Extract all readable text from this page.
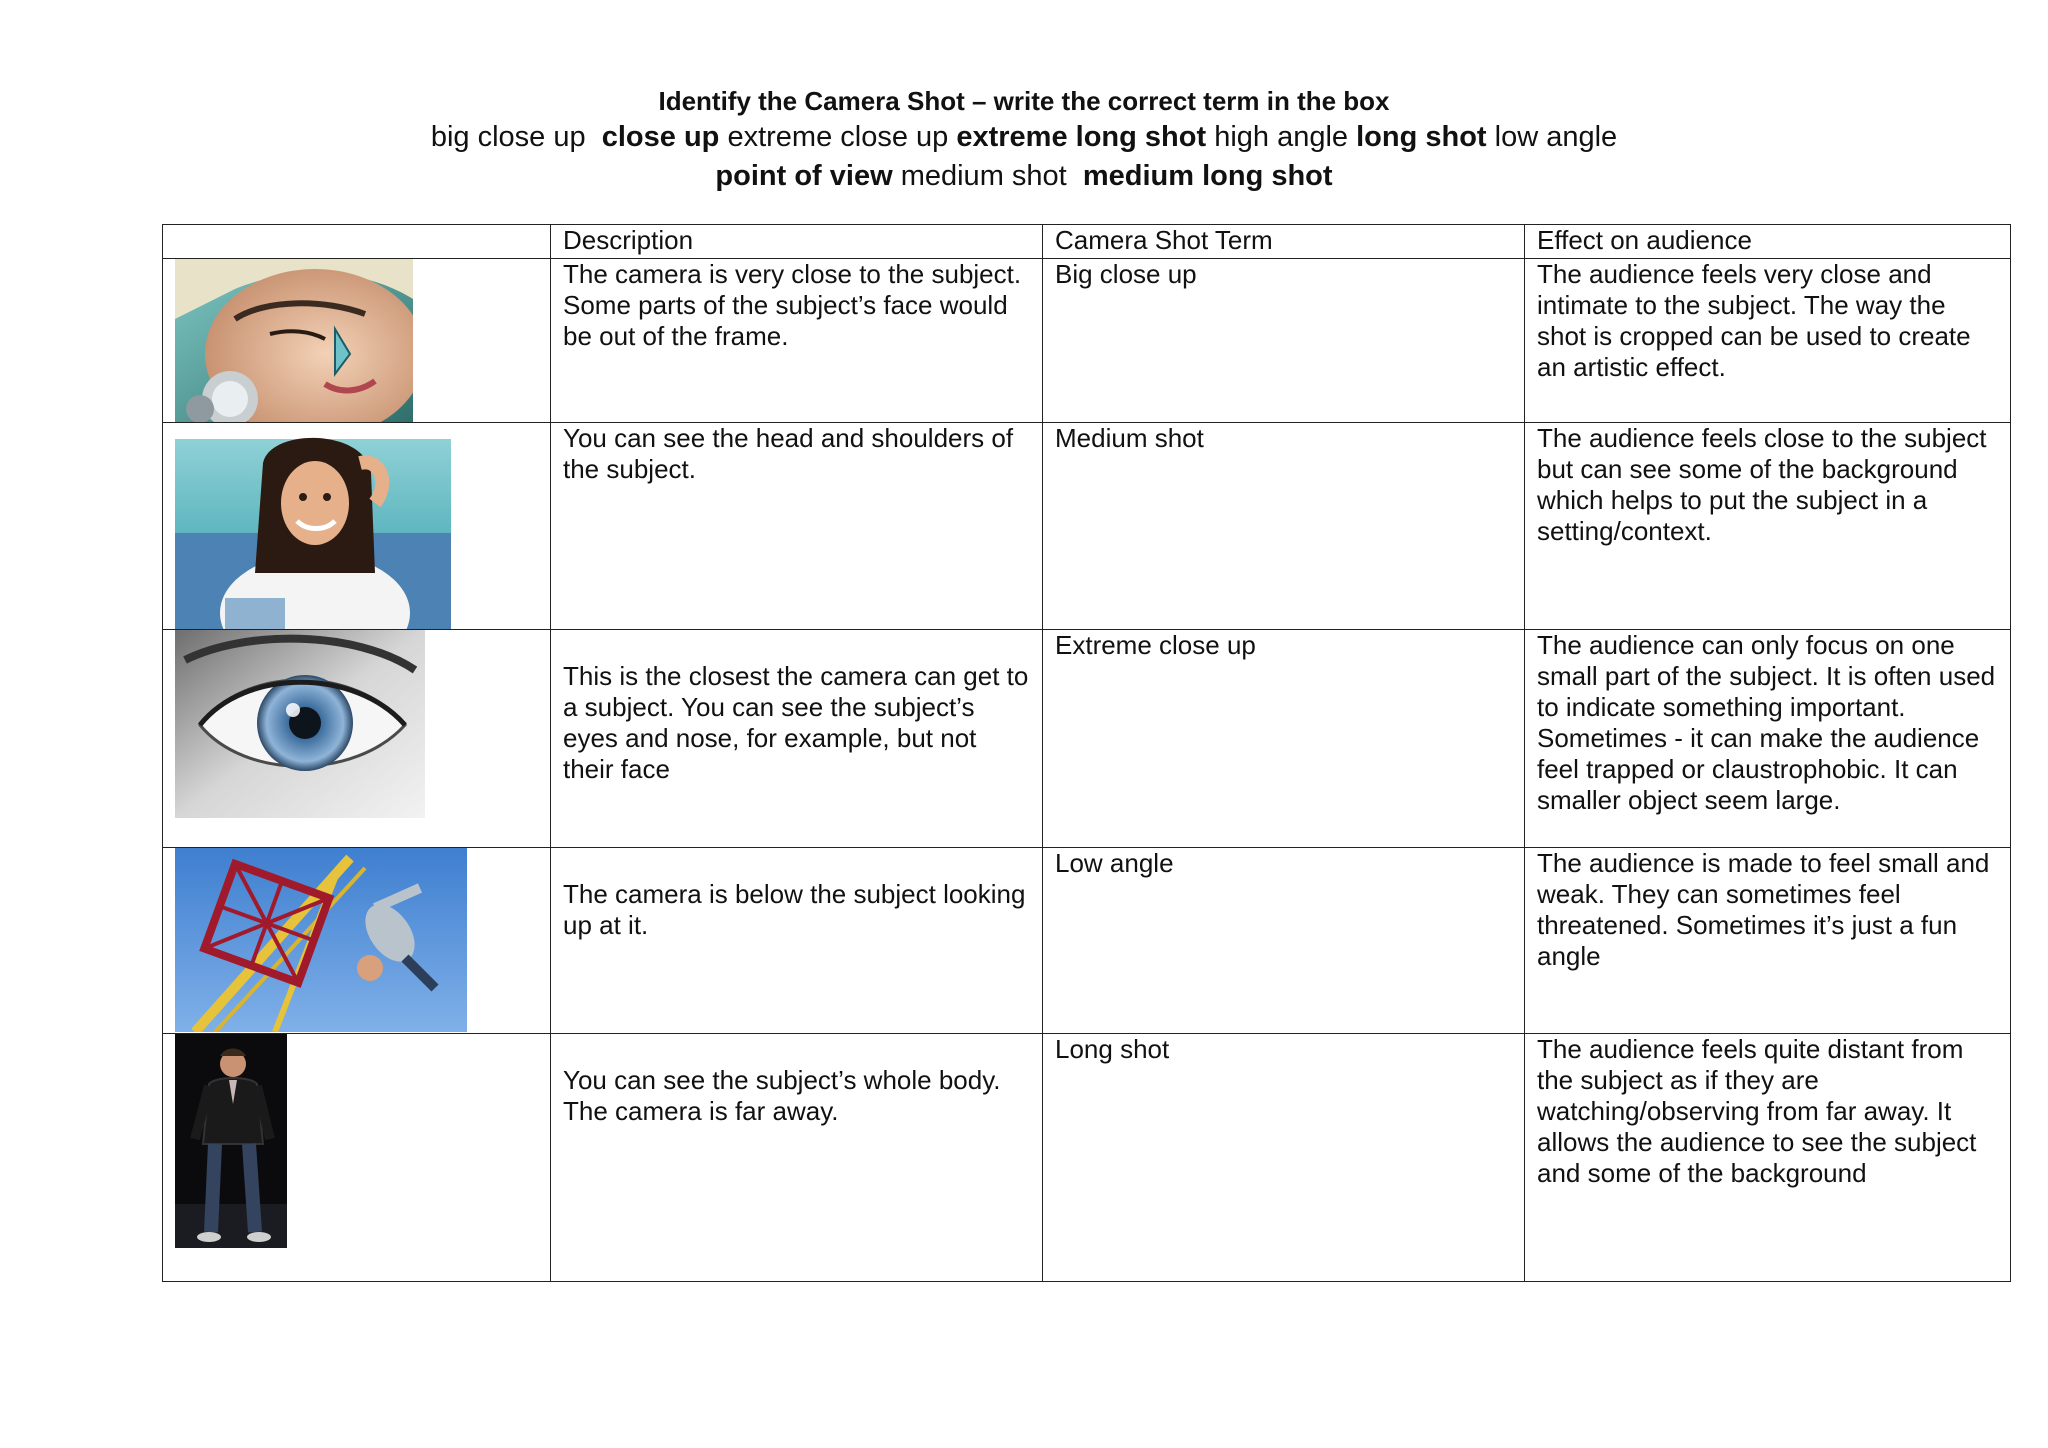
Identify the Camera Shot – write the correct term in the box

big close up close up extreme close up extreme long shot high angle long shot low angle

point of view medium shot medium long shot

	Description	Camera Shot Term	Effect on audience

	The camera is very close to the subject. Some parts of the subject’s face would be out of the frame.	Big close up	The audience feels very close and intimate to the subject. The way the shot is cropped can be used to create an artistic effect.

	You can see the head and shoulders of the subject.	Medium shot	The audience feels close to the subject but can see some of the background which helps to put the subject in a setting/context.

	This is the closest the camera can get to a subject. You can see the subject’s eyes and nose, for example, but not their face	Extreme close up	The audience can only focus on one small part of the subject. It is often used to indicate something important. Sometimes - it can make the audience feel trapped or claustrophobic. It can smaller object seem large.

	The camera is below the subject looking up at it.	Low angle	The audience is made to feel small and weak. They can sometimes feel threatened. Sometimes it’s just a fun angle

	You can see the subject’s whole body. The camera is far away.	Long shot	The audience feels quite distant from the subject as if they are watching/observing from far away. It allows the audience to see the subject and some of the background
